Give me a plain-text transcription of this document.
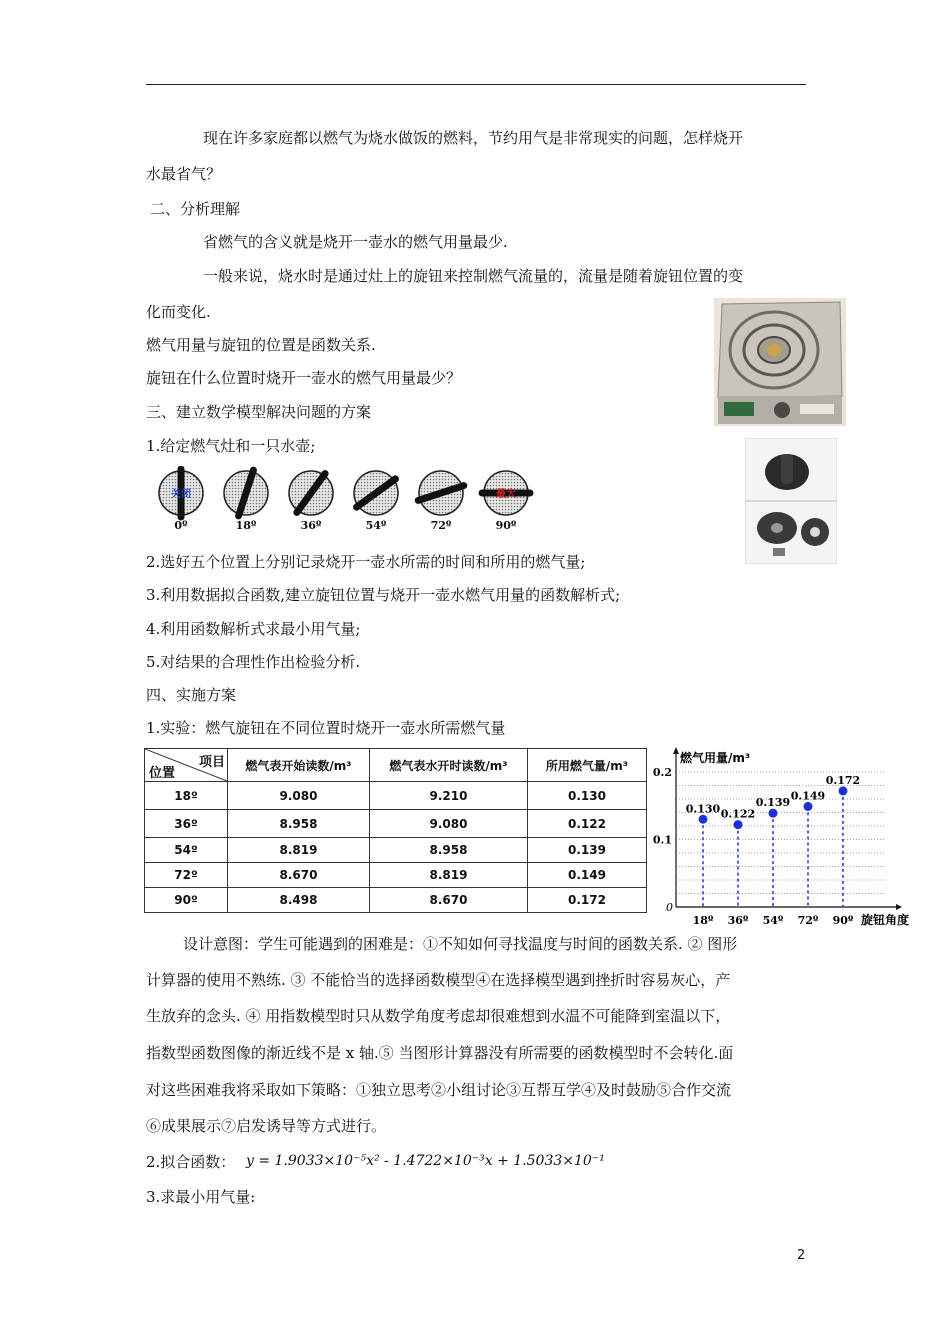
现在许多家庭都以燃气为烧水做饭的燃料，节约用气是非常现实的问题，怎样烧开
水最省气？
二、分析理解
省燃气的含义就是烧开一壶水的燃气用量最少.
一般来说，烧水时是通过灶上的旋钮来控制燃气流量的，流量是随着旋钮位置的变
化而变化.
燃气用量与旋钮的位置是函数关系.
旋钮在什么位置时烧开一壶水的燃气用量最少？
三、建立数学模型解决问题的方案
1.给定燃气灶和一只水壶;
关闭
0º	18º	36º	54º	72º
最大
90º
2.选好五个位置上分别记录烧开一壶水所需的时间和所用的燃气量;
3.利用数据拟合函数,建立旋钮位置与烧开一壶水燃气用量的函数解析式;
4.利用函数解析式求最小用气量;
5.对结果的合理性作出检验分析.
四、实施方案
1.实验：燃气旋钮在不同位置时烧开一壶水所需燃气量
项目
位置	燃气表开始读数/m³	燃气表水开时读数/m³	所用燃气量/m³
18º	9.080	9.210	0.130
36º	8.958	9.080	0.122
54º	8.819	8.958	0.139
72º	8.670	8.819	0.149
90º	8.498	8.670	0.172
燃气用量/m³
旋钮角度
0
0.1
0.2
0.130
18º
0.122
36º
0.139
54º
0.149
72º
0.172
90º
设计意图：学生可能遇到的困难是：①不知如何寻找温度与时间的函数关系. ② 图形
计算器的使用不熟练. ③ 不能恰当的选择函数模型④在选择模型遇到挫折时容易灰心，产
生放弃的念头. ④ 用指数模型时只从数学角度考虑却很难想到水温不可能降到室温以下，
指数型函数图像的渐近线不是 x 轴.⑤ 当图形计算器没有所需要的函数模型时不会转化.面
对这些困难我将采取如下策略：①独立思考②小组讨论③互帮互学④及时鼓励⑤合作交流
⑥成果展示⑦启发诱导等方式进行。
2.拟合函数： y = 1.9033×10⁻⁵x² - 1.4722×10⁻³x + 1.5033×10⁻¹
3.求最小用气量:
2
